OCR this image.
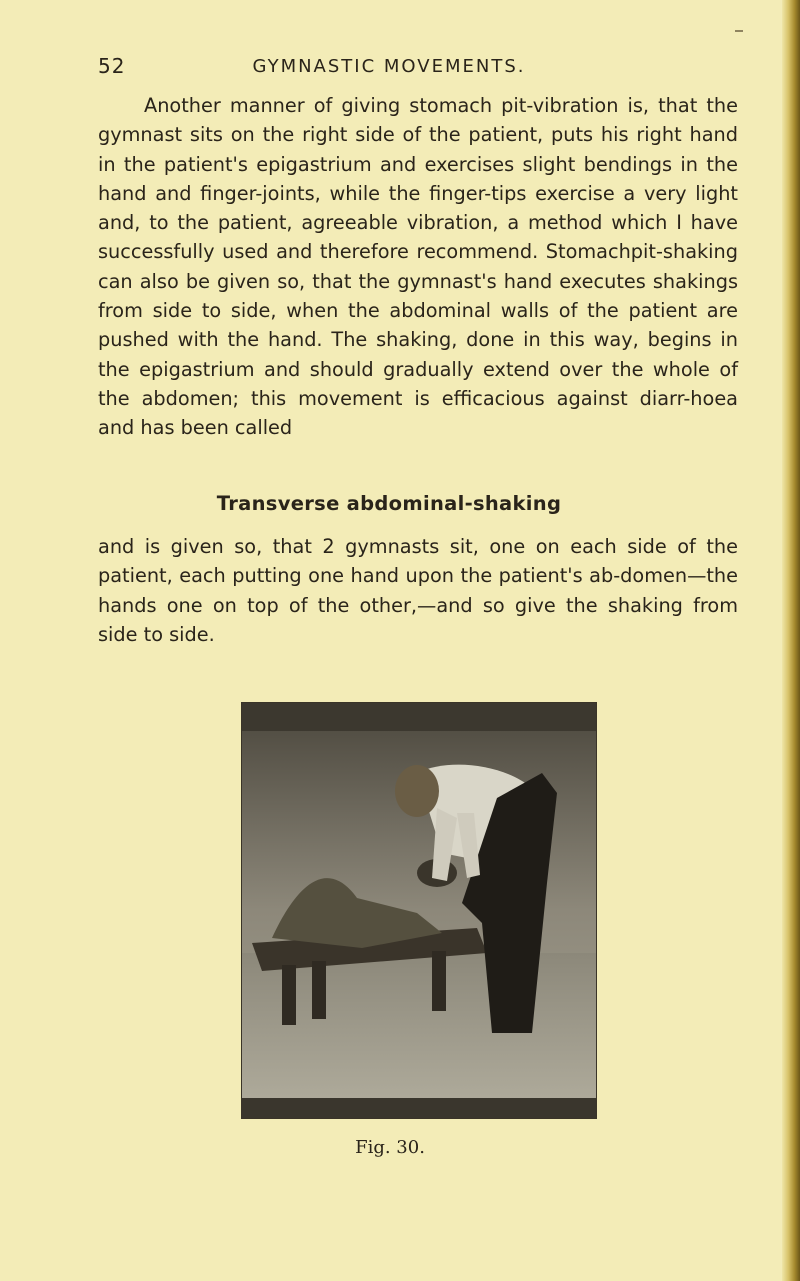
52	GYMNASTIC MOVEMENTS.

Another manner of giving stomach pit-vibration is, that the gymnast sits on the right side of the patient, puts his right hand in the patient's epigastrium and exercises slight bendings in the hand and finger-joints, while the finger-tips exercise a very light and, to the patient, agreeable vibration, a method which I have successfully used and therefore recommend. Stomachpit-shaking can also be given so, that the gymnast's hand executes shakings from side to side, when the abdominal walls of the patient are pushed with the hand. The shaking, done in this way, begins in the epigastrium and should gradually extend over the whole of the abdomen; this movement is efficacious against diarr-hoea and has been called

Transverse abdominal-shaking

and is given so, that 2 gymnasts sit, one on each side of the patient, each putting one hand upon the patient's ab-domen—the hands one on top of the other,—and so give the shaking from side to side.

Fig. 30.
